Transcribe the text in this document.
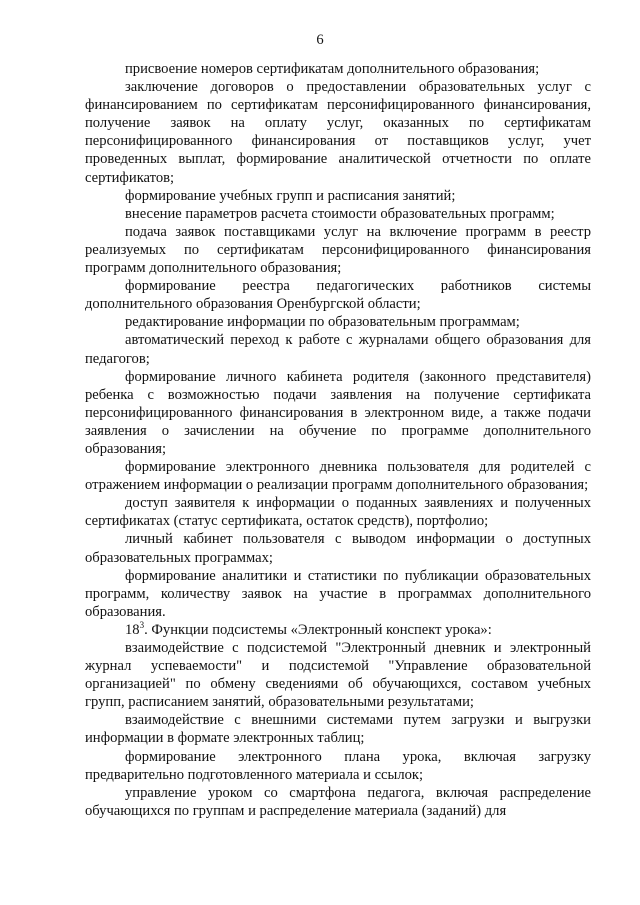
6

присвоение номеров сертификатам дополнительного образования;

заключение договоров о предоставлении образовательных услуг с финансированием по сертификатам персонифицированного финансирования, получение заявок на оплату услуг, оказанных по сертификатам персонифицированного финансирования от поставщиков услуг, учет проведенных выплат, формирование аналитической отчетности по оплате сертификатов;

формирование учебных групп и расписания занятий;

внесение параметров расчета стоимости образовательных программ;

подача заявок поставщиками услуг на включение программ в реестр реализуемых по сертификатам персонифицированного финансирования программ дополнительного образования;

формирование реестра педагогических работников системы дополнительного образования Оренбургской области;

редактирование информации по образовательным программам;

автоматический переход к работе с журналами общего образования для педагогов;

формирование личного кабинета родителя (законного представителя) ребенка с возможностью подачи заявления на получение сертификата персонифицированного финансирования в электронном виде, а также подачи заявления о зачислении на обучение по программе дополнительного образования;

формирование электронного дневника пользователя для родителей с отражением информации о реализации программ дополнительного образования;

доступ заявителя к информации о поданных заявлениях и полученных сертификатах (статус сертификата, остаток средств), портфолио;

личный кабинет пользователя с выводом информации о доступных образовательных программах;

формирование аналитики и статистики по публикации образовательных программ, количеству заявок на участие в программах дополнительного образования.

$18^3$. Функции подсистемы «Электронный конспект урока»:

взаимодействие с подсистемой "Электронный дневник и электронный журнал успеваемости" и подсистемой "Управление образовательной организацией" по обмену сведениями об обучающихся, составом учебных групп, расписанием занятий, образовательными результатами;

взаимодействие с внешними системами путем загрузки и выгрузки информации в формате электронных таблиц;

формирование электронного плана урока, включая загрузку предварительно подготовленного материала и ссылок;

управление уроком со смартфона педагога, включая распределение обучающихся по группам и распределение материала (заданий) для
